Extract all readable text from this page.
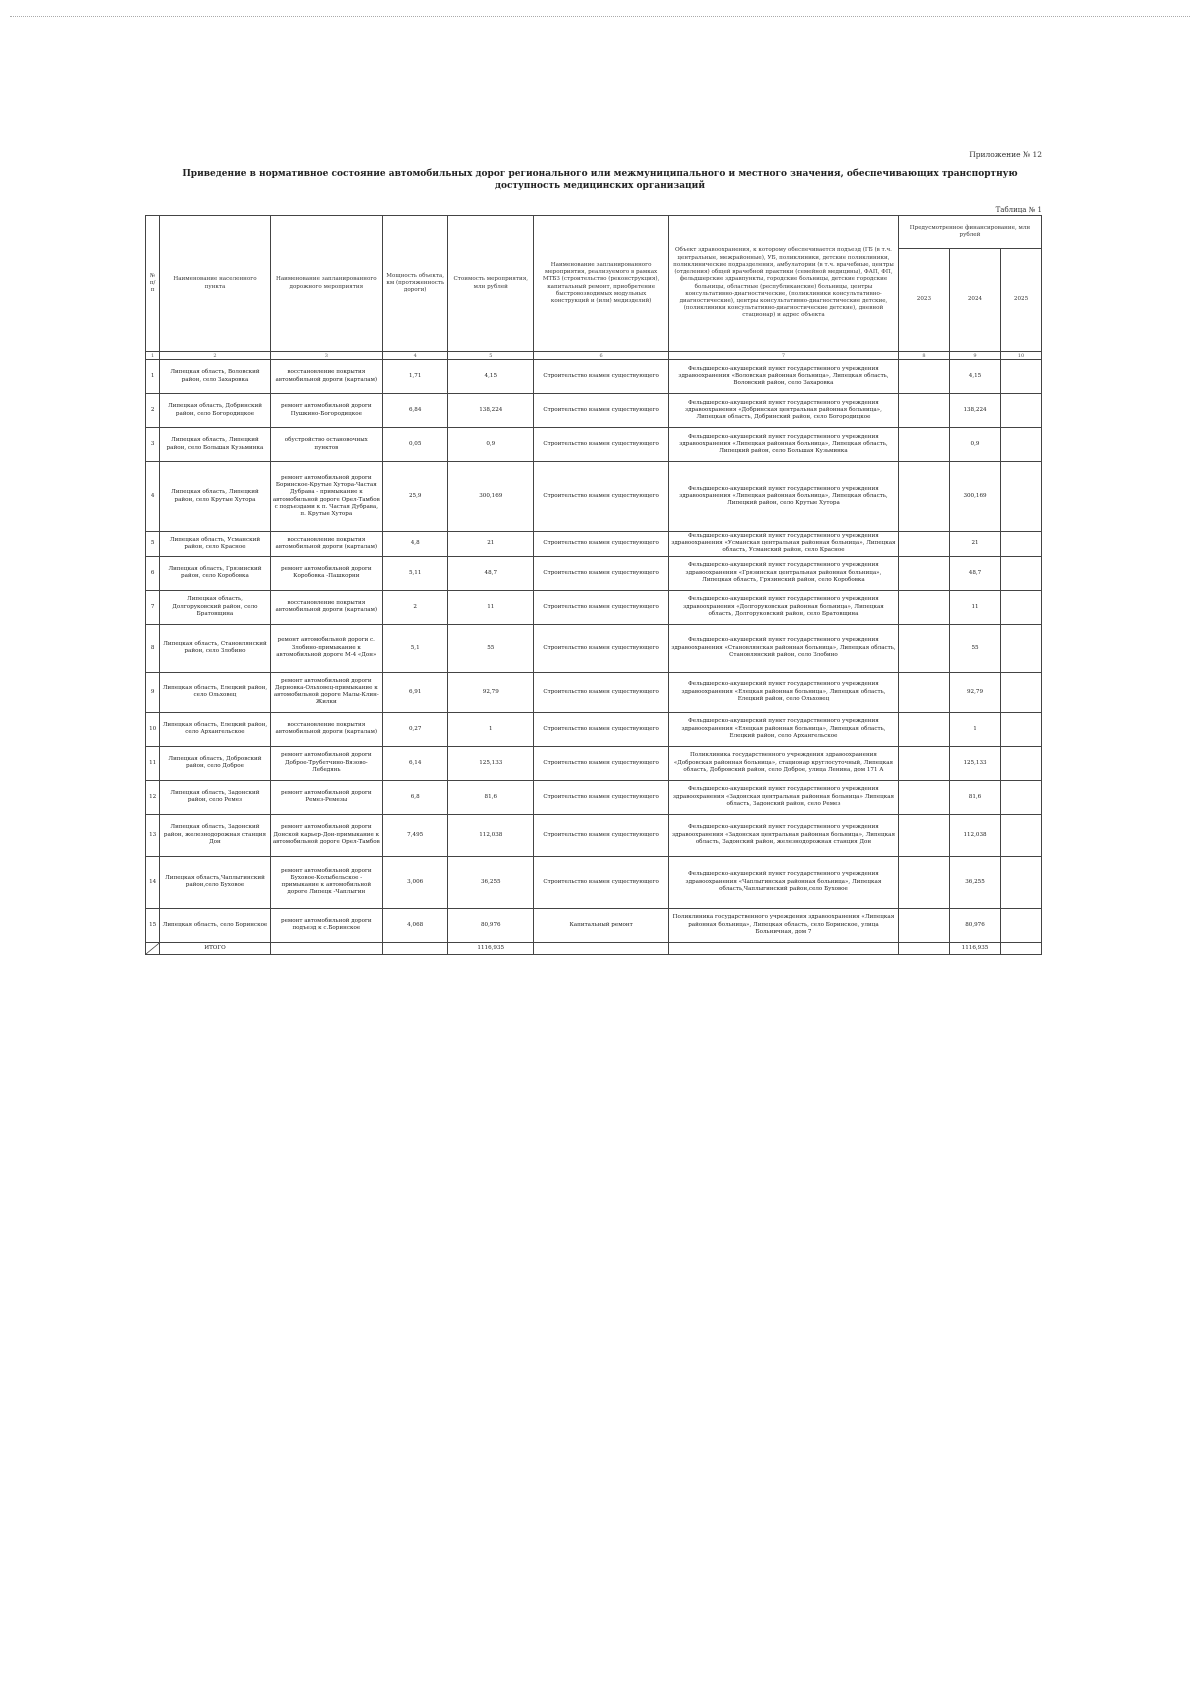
Приложение № 12
Приведение в нормативное состояние автомобильных дорог регионального или межмуниципального и местного значения, обеспечивающих транспортную доступность медицинских организаций
Таблица № 1
№ п/п	Наименование населенного пункта	Наименование запланированного дорожного мероприятия	Мощность объекта, км (протяженность дороги)	Стоимость мероприятия, млн рублей	Наименование запланированного мероприятия, реализуемого в рамках МТБЗ (строительство (реконструкция), капитальный ремонт, приобретение быстровозводимых модульных конструкций и (или) медизделий)	Объект здравоохранения, к которому обеспечивается подъезд (ГБ (в т.ч. центральные, межрайонные), УБ, поликлиники, детские поликлиники, поликлинические подразделения, амбулатории (в т.ч. врачебные, центры (отделения) общей врачебной практики (семейной медицины), ФАП, ФП, фельдшерские здравпункты, городские больницы, детские городские больницы, областные (республиканские) больницы, центры консультативно-диагностические, (поликлиники консультативно-диагностические), центры консультативно-диагностические детские, (поликлиники консультативно-диагностические детские), дневной стационар) и адрес объекта	Предусмотренное финансирование, млн рублей		
							2023	2024	2025
1	2	3	4	5	6	7	8	9	10
1	Липецкая область, Воловский район, село Захаровка	восстановление покрытия автомобильной дороги (карталам)	1,71	4,15	Строительство взамен существующего	Фельдшерско-акушерский пункт государственного учреждения здравоохранения «Воловская районная больница», Липецкая область, Воловский район, село Захаровка		4,15	
2	Липецкая область, Добринский район, село Богородицкое	ремонт автомобильной дороги Пушкино-Богородицкое	6,84	138,224	Строительство взамен существующего	Фельдшерско-акушерский пункт государственного учреждения здравоохранения «Добринская центральная районная больница», Липецкая область, Добринский район, село Богородицкое		138,224	
3	Липецкая область, Липецкий район, село Большая Кузьминка	обустройство остановочных пунктов	0,05	0,9	Строительство взамен существующего	Фельдшерско-акушерский пункт государственного учреждения здравоохранения «Липецкая районная больница», Липецкая область, Липецкий район, село Большая Кузьминка		0,9	
4	Липецкая область, Липецкий район, село Крутые Хутора	ремонт автомобильной дороги Боринское-Крутые Хутора-Частая Дубрава - примыкание к автомобильной дороге Орел-Тамбов с подъездами к п. Частая Дубрава, п. Крутые Хутора	25,9	300,169	Строительство взамен существующего	Фельдшерско-акушерский пункт государственного учреждения здравоохранения «Липецкая районная больница», Липецкая область, Липецкий район, село Крутые Хутора		300,169	
5	Липецкая область, Усманский район, село Красное	восстановление покрытия автомобильной дороги (карталам)	4,8	21	Строительство взамен существующего	Фельдшерско-акушерский пункт государственного учреждения здравоохранения «Усманская центральная районная больница», Липецкая область, Усманский район, село Красное		21	
6	Липецкая область, Грязинский район, село Коробовка	ремонт автомобильной дороги Коробовка -Пашкорни	5,11	48,7	Строительство взамен существующего	Фельдшерско-акушерский пункт государственного учреждения здравоохранения «Грязинская центральная районная больница», Липецкая область, Грязинский район, село Коробовка		48,7	
7	Липецкая область, Долгоруковский район, село Братовщина	восстановление покрытия автомобильной дороги (карталам)	2	11	Строительство взамен существующего	Фельдшерско-акушерский пункт государственного учреждения здравоохранения «Долгоруковская районная больница», Липецкая область, Долгоруковский район, село Братовщина		11	
8	Липецкая область, Становлянский район, село Злобино	ремонт автомобильной дороги с. Злобино-примыкание к автомобильной дороге М-4 «Дон»	5,1	55	Строительство взамен существующего	Фельдшерско-акушерский пункт государственного учреждения здравоохранения «Становлянская районная больница», Липецкая область, Становлянский район, село Злобино		55	
9	Липецкая область, Елецкий район, село Ольховец	ремонт автомобильной дороги Дерновка-Ольховец-примыкание к автомобильной дороге Малы-Клин-Жилки	6,91	92,79	Строительство взамен существующего	Фельдшерско-акушерский пункт государственного учреждения здравоохранения «Елецкая районная больница», Липецкая область, Елецкий район, село Ольховец		92,79	
10	Липецкая область, Елецкий район, село Архангельское	восстановление покрытия автомобильной дороги (карталам)	0,27	1	Строительство взамен существующего	Фельдшерско-акушерский пункт государственного учреждения здравоохранения «Елецкая районная больница», Липецкая область, Елецкий район, село Архангельское		1	
11	Липецкая область, Добровский район, село Доброе	ремонт автомобильной дороги Доброе-Трубетчино-Вязово-Лебедянь	6,14	125,133	Строительство взамен существующего	Поликлиника государственного учреждения здравоохранения «Добровская районная больница», стационар круглосуточный, Липецкая область, Добровский район, село Доброе, улица Ленина, дом 171 А		125,133	
12	Липецкая область, Задонский район, село Ремез	ремонт автомобильной дороги Ремез-Ремезы	6,8	81,6	Строительство взамен существующего	Фельдшерско-акушерский пункт государственного учреждения здравоохранения «Задонская центральная районная больница» Липецкая область, Задонский район, село Ремез		81,6	
13	Липецкая область, Задонский район, железнодорожная станция Дон	ремонт автомобильной дороги Донской карьер-Дон-примыкание к автомобильной дороге Орел-Тамбов	7,495	112,038	Строительство взамен существующего	Фельдшерско-акушерский пункт государственного учреждения здравоохранения «Задонская центральная районная больница», Липецкая область, Задонский район, железнодорожная станция Дон		112,038	
14	Липецкая область,Чаплыгинский район,село Буховое	ремонт автомобильной дороги Буховое-Колыбельское - примыкание к автомобильной дороге Липецк -Чаплыгин	3,006	36,255	Строительство взамен существующего	Фельдшерско-акушерский пункт государственного учреждения здравоохранения «Чаплыгинская районная больница», Липецкая область,Чаплыгинский район,село Буховое		36,255	
15	Липецкая область, село Боринское	ремонт автомобильной дороги подъезд к с.Боринское	4,068	80,976	Капитальный ремонт	Поликлиника государственного учреждения здравоохранения «Липецкая районная больница», Липецкая область, село Боринское, улица Больничная, дом 7		80,976	

	ИТОГО			1116,935				1116,935	
